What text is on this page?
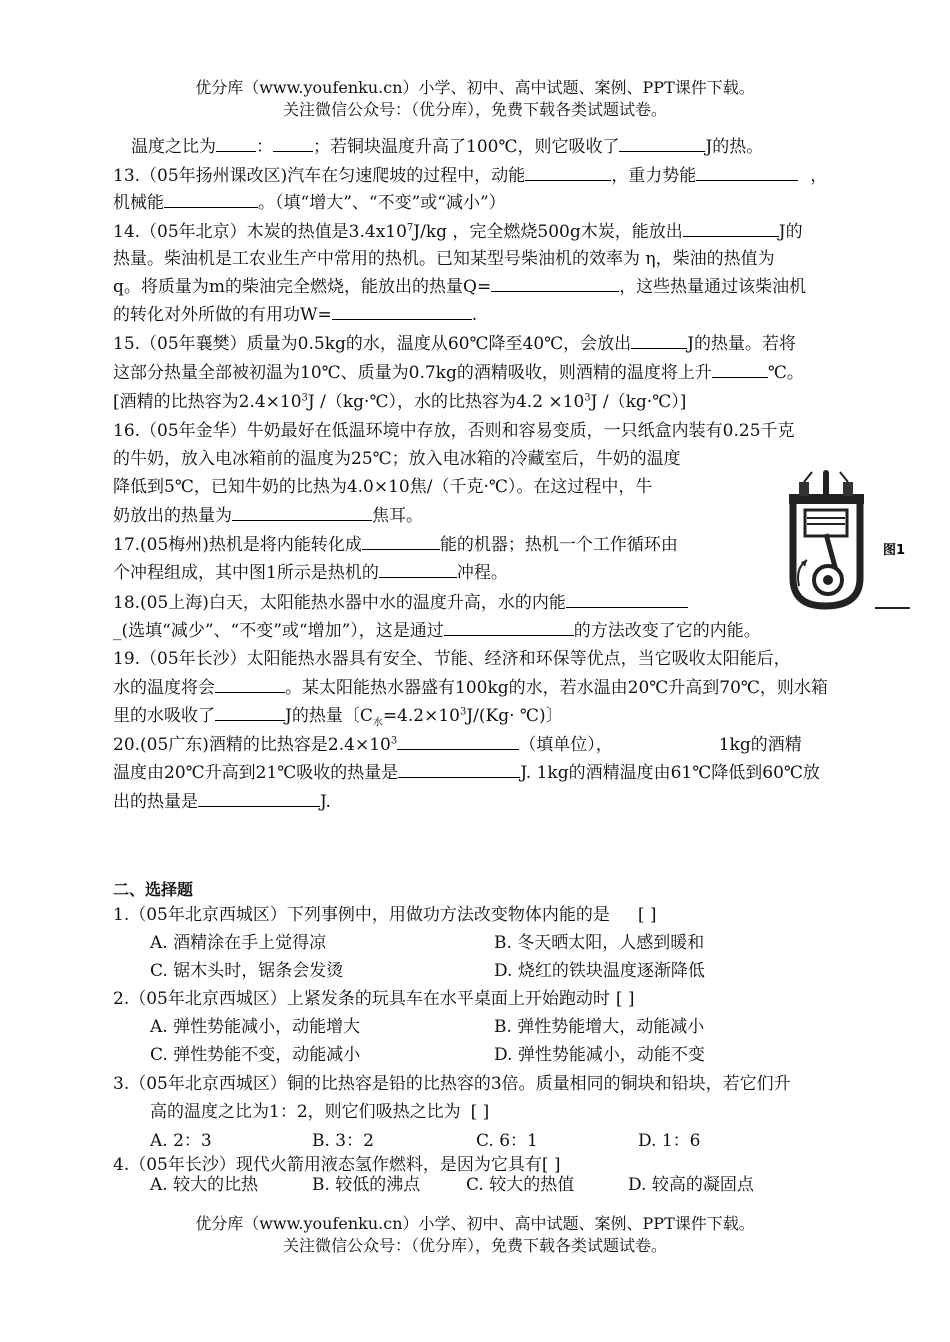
优分库（www.youfenku.cn）小学、初中、高中试题、案例、PPT课件下载。
关注微信公众号：（优分库），免费下载各类试题试卷。
温度之比为 ： ；若铜块温度升高了100℃，则它吸收了	J的热。
13.（05年扬州课改区)汽车在匀速爬坡的过程中，动能	，重力势能	，
机械能	。（填“增大”、“不变”或“减小”）
14.（05年北京）木炭的热值是$3.4x10^7J/kg$ ，完全燃烧500g木炭，能放出	J的
热量。柴油机是工农业生产中常用的热机。已知某型号柴油机的效率为 η，柴油的热值为
q。将质量为m的柴油完全燃烧，能放出的热量Q=	，这些热量通过该柴油机
的转化对外所做的有用功W=	.
15.（05年襄樊）质量为0.5kg的水，温度从60℃降至40℃，会放出	J的热量。若将
这部分热量全部被初温为10℃、质量为0.7kg的酒精吸收，则酒精的温度将上升	℃。
[酒精的比热容为$2.4\times 10^3J$ /（kg·℃），水的比热容为$4.2 \times 10^3J$ /（kg·℃）]
16.（05年金华）牛奶最好在低温环境中存放，否则和容易变质，一只纸盒内装有0.25千克
的牛奶，放入电冰箱前的温度为25℃；放入电冰箱的冷藏室后，牛奶的温度
降低到5℃，已知牛奶的比热为4.0×10焦/（千克·℃）。在这过程中，牛
奶放出的热量为	焦耳。
17.(05梅州)热机是将内能转化成	能的机器；热机一个工作循环由
个冲程组成，其中图1所示是热机的	冲程。
图1
18.(05上海)白天，太阳能热水器中水的温度升高，水的内能
_(选填“减少”、“不变”或“增加”），这是通过	的方法改变了它的内能。
19.（05年长沙）太阳能热水器具有安全、节能、经济和环保等优点，当它吸收太阳能后，
水的温度将会	。某太阳能热水器盛有100kg的水，若水温由20℃升高到70℃，则水箱
里的水吸收了	J的热量〔$C_水=4.2\times 10^3J/(Kg\cdot$ ℃)〕
20.(05广东)酒精的比热容是$2.4\times 10^3$	（填单位），	1kg的酒精
温度由20℃升高到21℃吸收的热量是	J. 1kg的酒精温度由61℃降低到60℃放
出的热量是	J.
二、选择题
1.（05年北京西城区）下列事例中，用做功方法改变物体内能的是 [ ]
A. 酒精涂在手上觉得凉	B. 冬天晒太阳，人感到暖和
C. 锯木头时，锯条会发烫	D. 烧红的铁块温度逐渐降低
2.（05年北京西城区）上紧发条的玩具车在水平桌面上开始跑动时 [ ]
A. 弹性势能减小，动能增大	B. 弹性势能增大，动能减小
C. 弹性势能不变，动能减小	D. 弹性势能减小，动能不变
3.（05年北京西城区）铜的比热容是铅的比热容的3倍。质量相同的铜块和铅块，若它们升
高的温度之比为1：2，则它们吸热之比为 [ ]
A. 2：3	B. 3：2	C. 6：1	D. 1：6
4.（05年长沙）现代火箭用液态氢作燃料，是因为它具有[ ]
A. 较大的比热	B. 较低的沸点	C. 较大的热值	D. 较高的凝固点
优分库（www.youfenku.cn）小学、初中、高中试题、案例、PPT课件下载。
关注微信公众号：（优分库），免费下载各类试题试卷。
